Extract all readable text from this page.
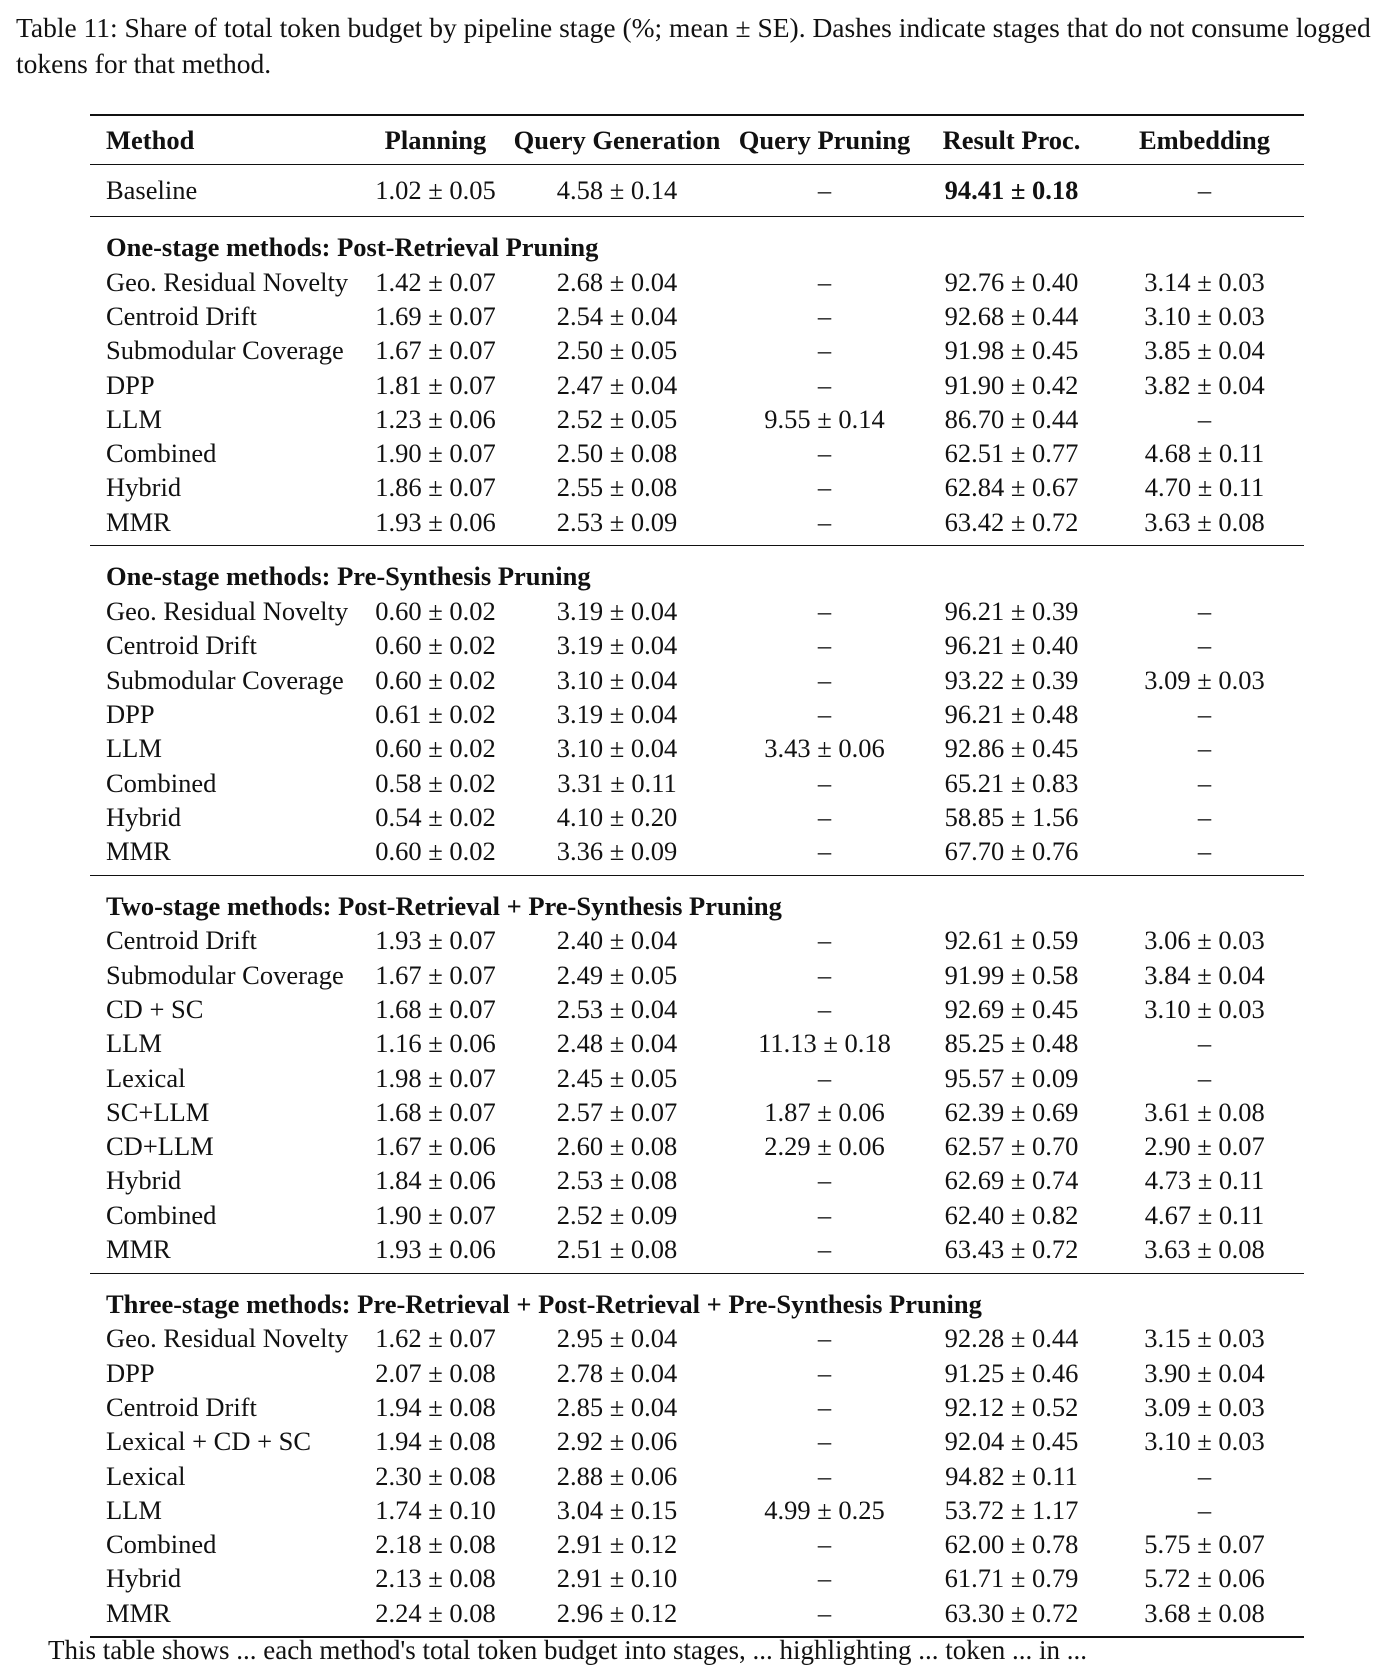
Table 11: Share of total token budget by pipeline stage (%; mean ± SE). Dashes indicate stages that do not consume logged tokens for that method.
Method	Planning	Query Generation	Query Pruning	Result Proc.	Embedding
Baseline	1.02 ± 0.05	4.58 ± 0.14	–	94.41 ± 0.18	–
One-stage methods: Post-Retrieval Pruning					
Geo. Residual Novelty	1.42 ± 0.07	2.68 ± 0.04	–	92.76 ± 0.40	3.14 ± 0.03
Centroid Drift	1.69 ± 0.07	2.54 ± 0.04	–	92.68 ± 0.44	3.10 ± 0.03
Submodular Coverage	1.67 ± 0.07	2.50 ± 0.05	–	91.98 ± 0.45	3.85 ± 0.04
DPP	1.81 ± 0.07	2.47 ± 0.04	–	91.90 ± 0.42	3.82 ± 0.04
LLM	1.23 ± 0.06	2.52 ± 0.05	9.55 ± 0.14	86.70 ± 0.44	–
Combined	1.90 ± 0.07	2.50 ± 0.08	–	62.51 ± 0.77	4.68 ± 0.11
Hybrid	1.86 ± 0.07	2.55 ± 0.08	–	62.84 ± 0.67	4.70 ± 0.11
MMR	1.93 ± 0.06	2.53 ± 0.09	–	63.42 ± 0.72	3.63 ± 0.08
One-stage methods: Pre-Synthesis Pruning					
Geo. Residual Novelty	0.60 ± 0.02	3.19 ± 0.04	–	96.21 ± 0.39	–
Centroid Drift	0.60 ± 0.02	3.19 ± 0.04	–	96.21 ± 0.40	–
Submodular Coverage	0.60 ± 0.02	3.10 ± 0.04	–	93.22 ± 0.39	3.09 ± 0.03
DPP	0.61 ± 0.02	3.19 ± 0.04	–	96.21 ± 0.48	–
LLM	0.60 ± 0.02	3.10 ± 0.04	3.43 ± 0.06	92.86 ± 0.45	–
Combined	0.58 ± 0.02	3.31 ± 0.11	–	65.21 ± 0.83	–
Hybrid	0.54 ± 0.02	4.10 ± 0.20	–	58.85 ± 1.56	–
MMR	0.60 ± 0.02	3.36 ± 0.09	–	67.70 ± 0.76	–
Two-stage methods: Post-Retrieval + Pre-Synthesis Pruning					
Centroid Drift	1.93 ± 0.07	2.40 ± 0.04	–	92.61 ± 0.59	3.06 ± 0.03
Submodular Coverage	1.67 ± 0.07	2.49 ± 0.05	–	91.99 ± 0.58	3.84 ± 0.04
CD + SC	1.68 ± 0.07	2.53 ± 0.04	–	92.69 ± 0.45	3.10 ± 0.03
LLM	1.16 ± 0.06	2.48 ± 0.04	11.13 ± 0.18	85.25 ± 0.48	–
Lexical	1.98 ± 0.07	2.45 ± 0.05	–	95.57 ± 0.09	–
SC+LLM	1.68 ± 0.07	2.57 ± 0.07	1.87 ± 0.06	62.39 ± 0.69	3.61 ± 0.08
CD+LLM	1.67 ± 0.06	2.60 ± 0.08	2.29 ± 0.06	62.57 ± 0.70	2.90 ± 0.07
Hybrid	1.84 ± 0.06	2.53 ± 0.08	–	62.69 ± 0.74	4.73 ± 0.11
Combined	1.90 ± 0.07	2.52 ± 0.09	–	62.40 ± 0.82	4.67 ± 0.11
MMR	1.93 ± 0.06	2.51 ± 0.08	–	63.43 ± 0.72	3.63 ± 0.08
Three-stage methods: Pre-Retrieval + Post-Retrieval + Pre-Synthesis Pruning					
Geo. Residual Novelty	1.62 ± 0.07	2.95 ± 0.04	–	92.28 ± 0.44	3.15 ± 0.03
DPP	2.07 ± 0.08	2.78 ± 0.04	–	91.25 ± 0.46	3.90 ± 0.04
Centroid Drift	1.94 ± 0.08	2.85 ± 0.04	–	92.12 ± 0.52	3.09 ± 0.03
Lexical + CD + SC	1.94 ± 0.08	2.92 ± 0.06	–	92.04 ± 0.45	3.10 ± 0.03
Lexical	2.30 ± 0.08	2.88 ± 0.06	–	94.82 ± 0.11	–
LLM	1.74 ± 0.10	3.04 ± 0.15	4.99 ± 0.25	53.72 ± 1.17	–
Combined	2.18 ± 0.08	2.91 ± 0.12	–	62.00 ± 0.78	5.75 ± 0.07
Hybrid	2.13 ± 0.08	2.91 ± 0.10	–	61.71 ± 0.79	5.72 ± 0.06
MMR	2.24 ± 0.08	2.96 ± 0.12	–	63.30 ± 0.72	3.68 ± 0.08
This table shows ... each method's total token budget into stages, ... highlighting ... token ... in ...
